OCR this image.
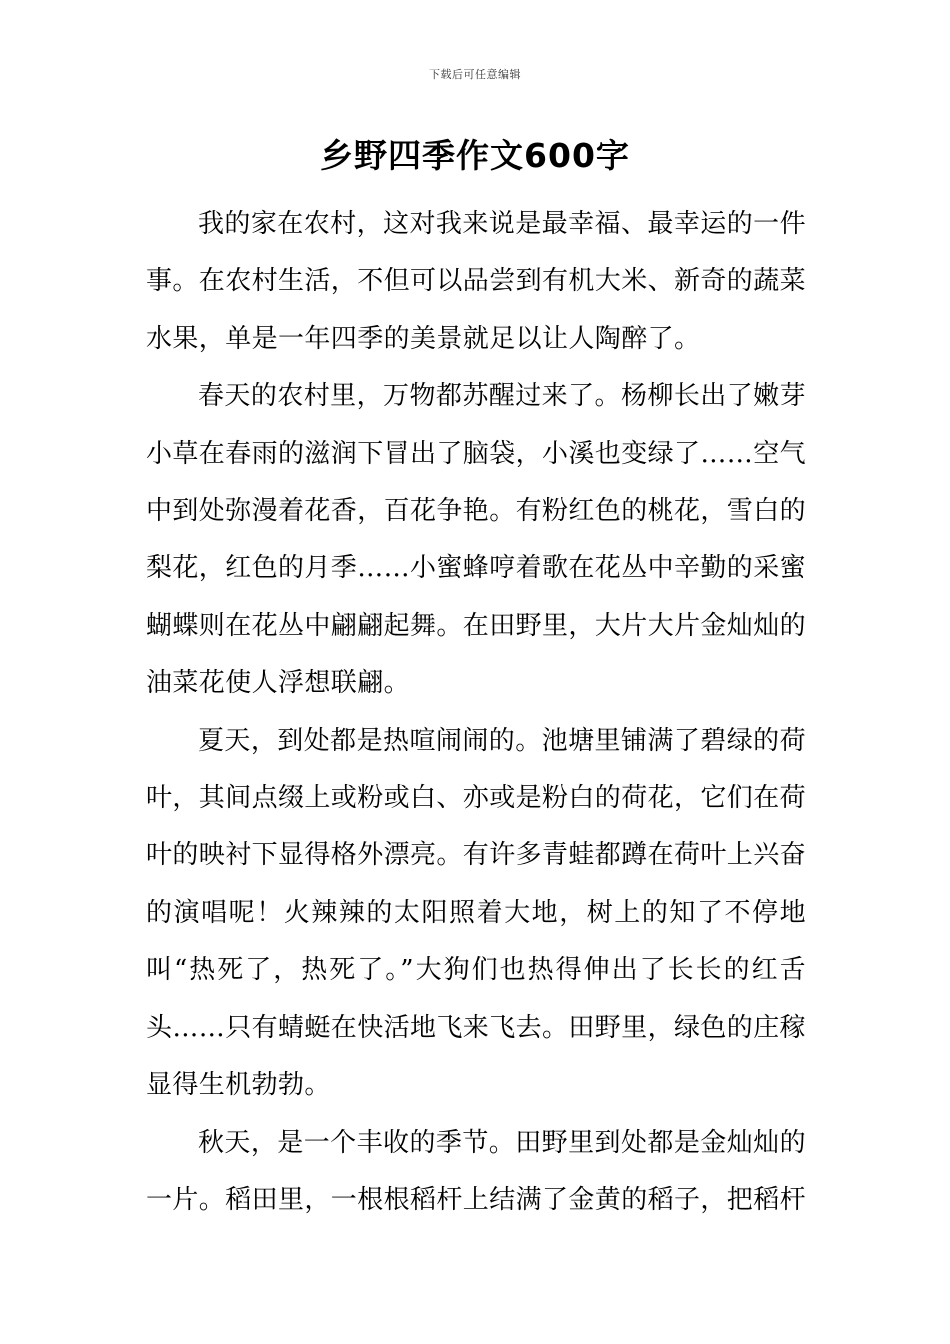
下载后可任意编辑
乡野四季作文600字

我的家在农村，这对我来说是最幸福、最幸运的一件事。在农村生活，不但可以品尝到有机大米、新奇的蔬菜水果，单是一年四季的美景就足以让人陶醉了。

春天的农村里，万物都苏醒过来了。杨柳长出了嫩芽小草在春雨的滋润下冒出了脑袋，小溪也变绿了……空气中到处弥漫着花香，百花争艳。有粉红色的桃花，雪白的梨花，红色的月季……小蜜蜂哼着歌在花丛中辛勤的采蜜蝴蝶则在花丛中翩翩起舞。在田野里，大片大片金灿灿的油菜花使人浮想联翩。

夏天，到处都是热喧闹闹的。池塘里铺满了碧绿的荷叶，其间点缀上或粉或白、亦或是粉白的荷花，它们在荷叶的映衬下显得格外漂亮。有许多青蛙都蹲在荷叶上兴奋的演唱呢！火辣辣的太阳照着大地，树上的知了不停地叫“热死了，热死了。”大狗们也热得伸出了长长的红舌头……只有蜻蜓在快活地飞来飞去。田野里，绿色的庄稼显得生机勃勃。

秋天，是一个丰收的季节。田野里到处都是金灿灿的一片。稻田里，一根根稻杆上结满了金黄的稻子，把稻杆
